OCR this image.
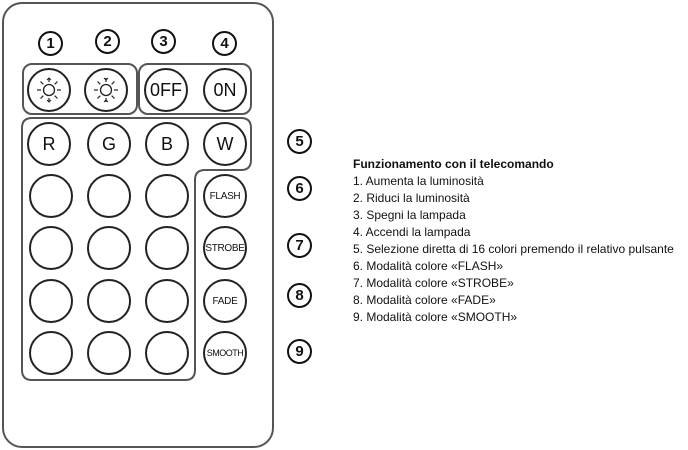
1	2	3	4
0FF 0N
R	G B W
FLASH
STROBE
FADE
SMOOTH
5
6
7
8
9
Funzionamento con il telecomando
1. Aumenta la luminosità
2. Riduci la luminosità
3. Spegni la lampada
4. Accendi la lampada
5. Selezione diretta di 16 colori premendo il relativo pulsante
6. Modalità colore «FLASH»
7. Modalità colore «STROBE»
8. Modalità colore «FADE»
9. Modalità colore «SMOOTH»
